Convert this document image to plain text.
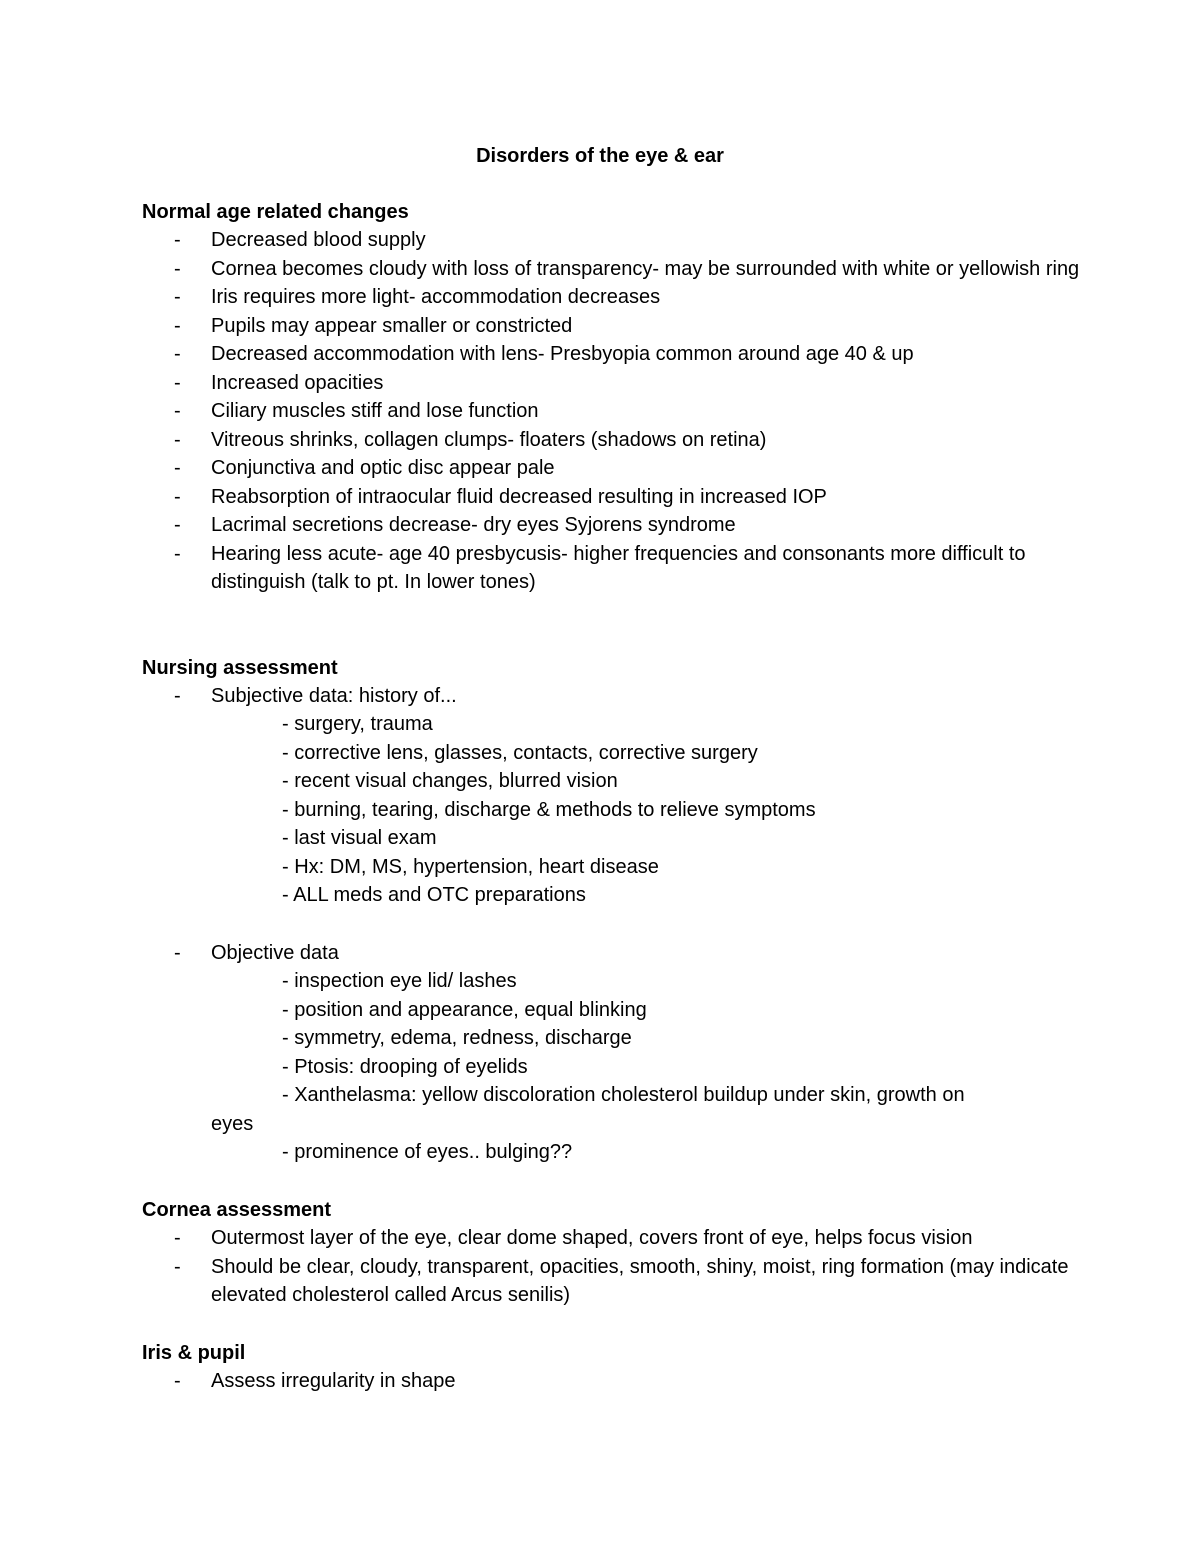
Disorders of the eye & ear
Normal age related changes
- Decreased blood supply
- Cornea becomes cloudy with loss of transparency- may be surrounded with white or yellowish ring
- Iris requires more light- accommodation decreases
- Pupils may appear smaller or constricted
- Decreased accommodation with lens- Presbyopia common around age 40 & up
- Increased opacities
- Ciliary muscles stiff and lose function
- Vitreous shrinks, collagen clumps- floaters (shadows on retina)
- Conjunctiva and optic disc appear pale
- Reabsorption of intraocular fluid decreased resulting in increased IOP
- Lacrimal secretions decrease- dry eyes Syjorens syndrome
- Hearing less acute- age 40 presbycusis- higher frequencies and consonants more difficult to distinguish (talk to pt. In lower tones)
Nursing assessment
- Subjective data: history of...
- surgery, trauma
- corrective lens, glasses, contacts, corrective surgery
- recent visual changes, blurred vision
- burning, tearing, discharge & methods to relieve symptoms
- last visual exam
- Hx: DM, MS, hypertension, heart disease
- ALL meds and OTC preparations
- Objective data
- inspection eye lid/ lashes
- position and appearance, equal blinking
- symmetry, edema, redness, discharge
- Ptosis: drooping of eyelids
- Xanthelasma: yellow discoloration cholesterol buildup under skin, growth on
eyes
- prominence of eyes.. bulging??
Cornea assessment
- Outermost layer of the eye, clear dome shaped, covers front of eye, helps focus vision
- Should be clear, cloudy, transparent, opacities, smooth, shiny, moist, ring formation (may indicate elevated cholesterol called Arcus senilis)
Iris & pupil
- Assess irregularity in shape
